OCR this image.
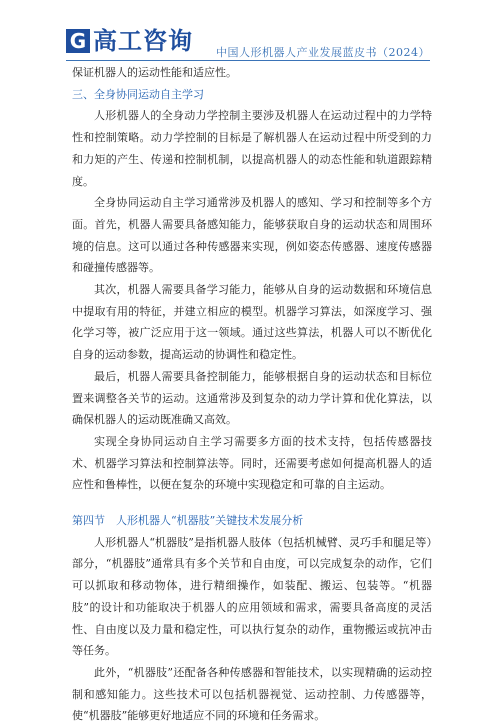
G 高工咨询 中国人形机器人产业发展蓝皮书（2024）

保证机器人的运动性能和适应性。

三、全身协同运动自主学习

人形机器人的全身动力学控制主要涉及机器人在运动过程中的力学特性和控制策略。动力学控制的目标是了解机器人在运动过程中所受到的力和力矩的产生、传递和控制机制，以提高机器人的动态性能和轨道跟踪精度。

全身协同运动自主学习通常涉及机器人的感知、学习和控制等多个方面。首先，机器人需要具备感知能力，能够获取自身的运动状态和周围环境的信息。这可以通过各种传感器来实现，例如姿态传感器、速度传感器和碰撞传感器等。

其次，机器人需要具备学习能力，能够从自身的运动数据和环境信息中提取有用的特征，并建立相应的模型。机器学习算法，如深度学习、强化学习等，被广泛应用于这一领域。通过这些算法，机器人可以不断优化自身的运动参数，提高运动的协调性和稳定性。

最后，机器人需要具备控制能力，能够根据自身的运动状态和目标位置来调整各关节的运动。这通常涉及到复杂的动力学计算和优化算法，以确保机器人的运动既准确又高效。

实现全身协同运动自主学习需要多方面的技术支持，包括传感器技术、机器学习算法和控制算法等。同时，还需要考虑如何提高机器人的适应性和鲁棒性，以便在复杂的环境中实现稳定和可靠的自主运动。

第四节　人形机器人“机器肢”关键技术发展分析

人形机器人“机器肢”是指机器人肢体（包括机械臂、灵巧手和腿足等）部分，“机器肢”通常具有多个关节和自由度，可以完成复杂的动作，它们可以抓取和移动物体，进行精细操作，如装配、搬运、包装等。“机器肢”的设计和功能取决于机器人的应用领域和需求，需要具备高度的灵活性、自由度以及力量和稳定性，可以执行复杂的动作，重物搬运或抗冲击等任务。

此外，“机器肢”还配备各种传感器和智能技术，以实现精确的运动控制和感知能力。这些技术可以包括机器视觉、运动控制、力传感器等，使“机器肢”能够更好地适应不同的环境和任务需求。
